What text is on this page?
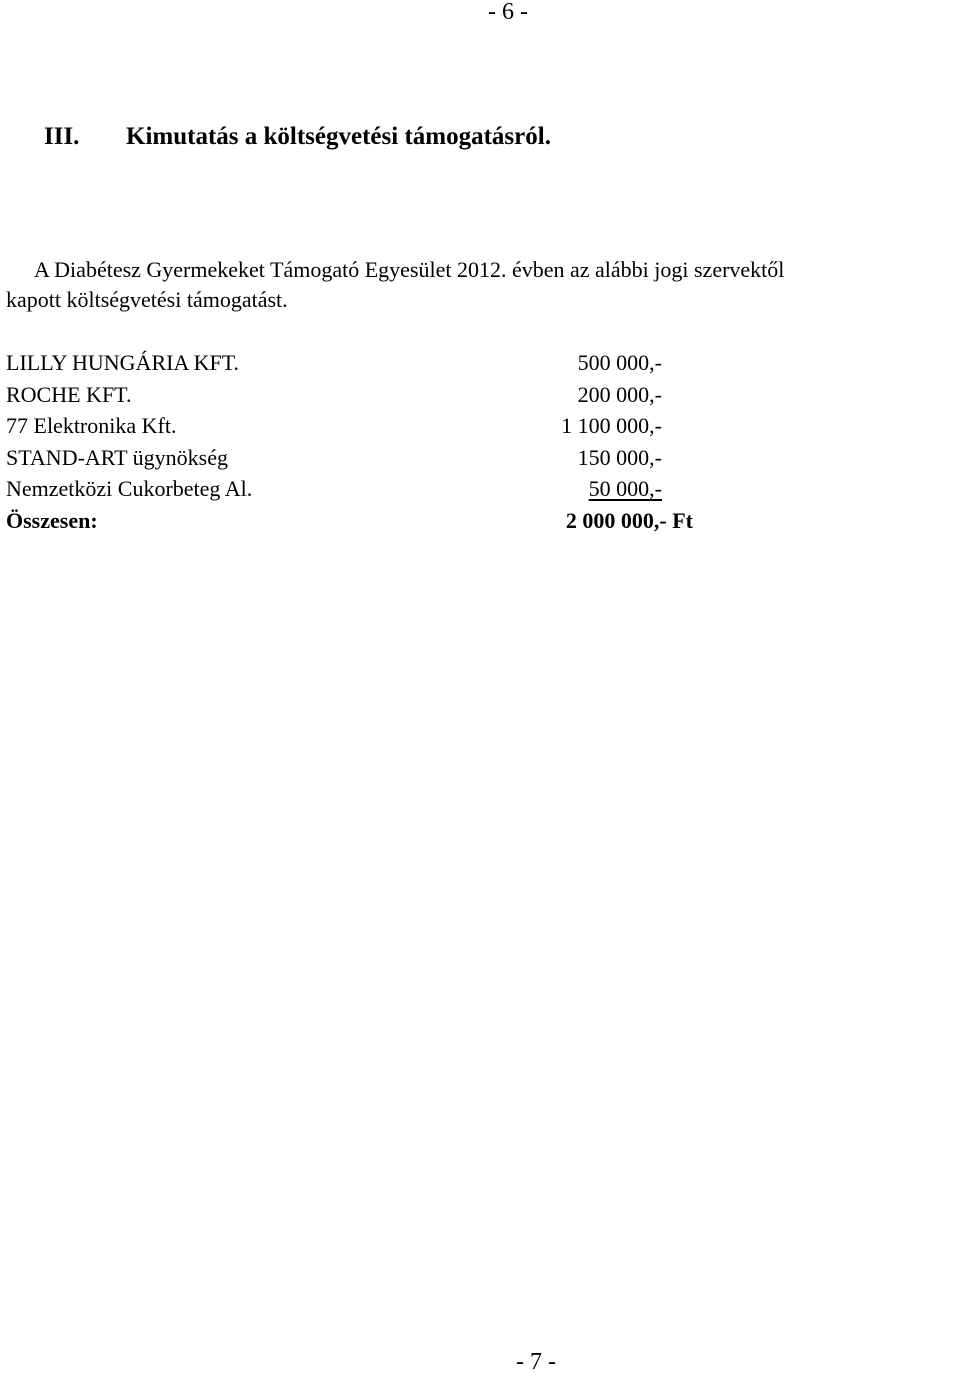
- 6 -
III. Kimutatás a költségvetési támogatásról.
A Diabétesz Gyermekeket Támogató Egyesület 2012. évben az alábbi jogi szervektől
kapott költségvetési támogatást.
LILLY HUNGÁRIA KFT.	500 000,-
ROCHE KFT.	200 000,-
77 Elektronika Kft.	1 100 000,-
STAND-ART ügynökség	150 000,-
Nemzetközi Cukorbeteg Al.	50 000,-
Összesen:	2 000 000,- Ft
- 7 -
